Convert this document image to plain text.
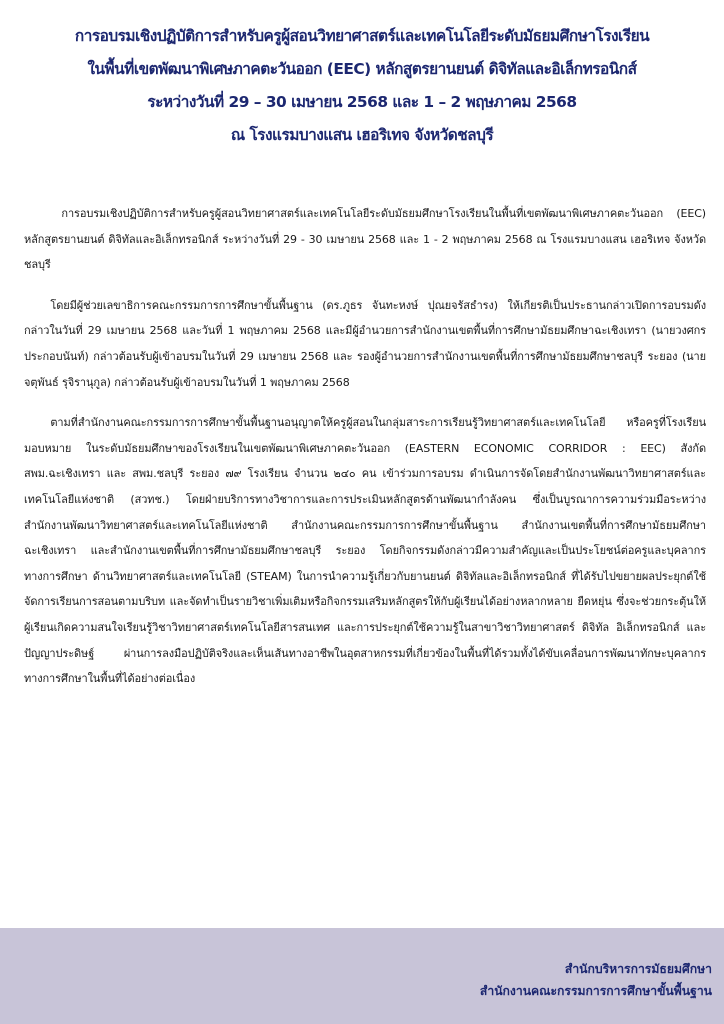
การอบรมเชิงปฏิบัติการสำหรับครูผู้สอนวิทยาศาสตร์และเทคโนโลยีระดับมัธยมศึกษาโรงเรียน
ในพื้นที่เขตพัฒนาพิเศษภาคตะวันออก (EEC) หลักสูตรยานยนต์ ดิจิทัลและอิเล็กทรอนิกส์
ระหว่างวันที่ 29 – 30 เมษายน 2568 และ 1 – 2 พฤษภาคม 2568
ณ โรงแรมบางแสน เฮอริเทจ จังหวัดชลบุรี

การอบรมเชิงปฏิบัติการสำหรับครูผู้สอนวิทยาศาสตร์และเทคโนโลยีระดับมัธยมศึกษาโรงเรียนในพื้นที่เขตพัฒนาพิเศษภาคตะวันออก (EEC) หลักสูตรยานยนต์ ดิจิทัลและอิเล็กทรอนิกส์ ระหว่างวันที่ 29 - 30 เมษายน 2568 และ 1 - 2 พฤษภาคม 2568 ณ โรงแรมบางแสน เฮอริเทจ จังหวัดชลบุรี

โดยมีผู้ช่วยเลขาธิการคณะกรรมการการศึกษาขั้นพื้นฐาน (ดร.ภูธร จันทะหงษ์ ปุณยจรัสธำรง) ให้เกียรติเป็นประธานกล่าวเปิดการอบรมดังกล่าวในวันที่ 29 เมษายน 2568 และวันที่ 1 พฤษภาคม 2568 และมีผู้อำนวยการสำนักงานเขตพื้นที่การศึกษามัธยมศึกษาฉะเชิงเทรา (นายวงศกร ประกอบนันท์) กล่าวต้อนรับผู้เข้าอบรมในวันที่ 29 เมษายน 2568 และ รองผู้อำนวยการสำนักงานเขตพื้นที่การศึกษามัธยมศึกษาชลบุรี ระยอง (นายจตุพันธ์ รุจิรานุกูล) กล่าวต้อนรับผู้เข้าอบรมในวันที่ 1 พฤษภาคม 2568

ตามที่สำนักงานคณะกรรมการการศึกษาขั้นพื้นฐานอนุญาตให้ครูผู้สอนในกลุ่มสาระการเรียนรู้วิทยาศาสตร์และเทคโนโลยี หรือครูที่โรงเรียนมอบหมาย ในระดับมัธยมศึกษาของโรงเรียนในเขตพัฒนาพิเศษภาคตะวันออก (EASTERN ECONOMIC CORRIDOR : EEC) สังกัด สพม.ฉะเชิงเทรา และ สพม.ชลบุรี ระยอง ๗๙ โรงเรียน จำนวน ๒๔๐ คน เข้าร่วมการอบรม ดำเนินการจัดโดยสำนักงานพัฒนาวิทยาศาสตร์และเทคโนโลยีแห่งชาติ (สวทช.) โดยฝ่ายบริการทางวิชาการและการประเมินหลักสูตรด้านพัฒนากำลังคน ซึ่งเป็นบูรณาการความร่วมมือระหว่างสำนักงานพัฒนาวิทยาศาสตร์และเทคโนโลยีแห่งชาติ สำนักงานคณะกรรมการการศึกษาขั้นพื้นฐาน สำนักงานเขตพื้นที่การศึกษามัธยมศึกษาฉะเชิงเทรา และสำนักงานเขตพื้นที่การศึกษามัธยมศึกษาชลบุรี ระยอง โดยกิจกรรมดังกล่าวมีความสำคัญและเป็นประโยชน์ต่อครูและบุคลากรทางการศึกษา ด้านวิทยาศาสตร์และเทคโนโลยี (STEAM) ในการนำความรู้เกี่ยวกับยานยนต์ ดิจิทัลและอิเล็กทรอนิกส์ ที่ได้รับไปขยายผลประยุกต์ใช้จัดการเรียนการสอนตามบริบท และจัดทำเป็นรายวิชาเพิ่มเติมหรือกิจกรรมเสริมหลักสูตรให้กับผู้เรียนได้อย่างหลากหลาย ยืดหยุ่น ซึ่งจะช่วยกระตุ้นให้ผู้เรียนเกิดความสนใจเรียนรู้วิชาวิทยาศาสตร์เทคโนโลยีสารสนเทศ และการประยุกต์ใช้ความรู้ในสาขาวิชาวิทยาศาสตร์ ดิจิทัล อิเล็กทรอนิกส์ และปัญญาประดิษฐ์ ผ่านการลงมือปฏิบัติจริงและเห็นเส้นทางอาชีพในอุตสาหกรรมที่เกี่ยวข้องในพื้นที่ได้รวมทั้งได้ขับเคลื่อนการพัฒนาทักษะบุคลากรทางการศึกษาในพื้นที่ได้อย่างต่อเนื่อง

สำนักบริหารการมัธยมศึกษา
สำนักงานคณะกรรมการการศึกษาขั้นพื้นฐาน
